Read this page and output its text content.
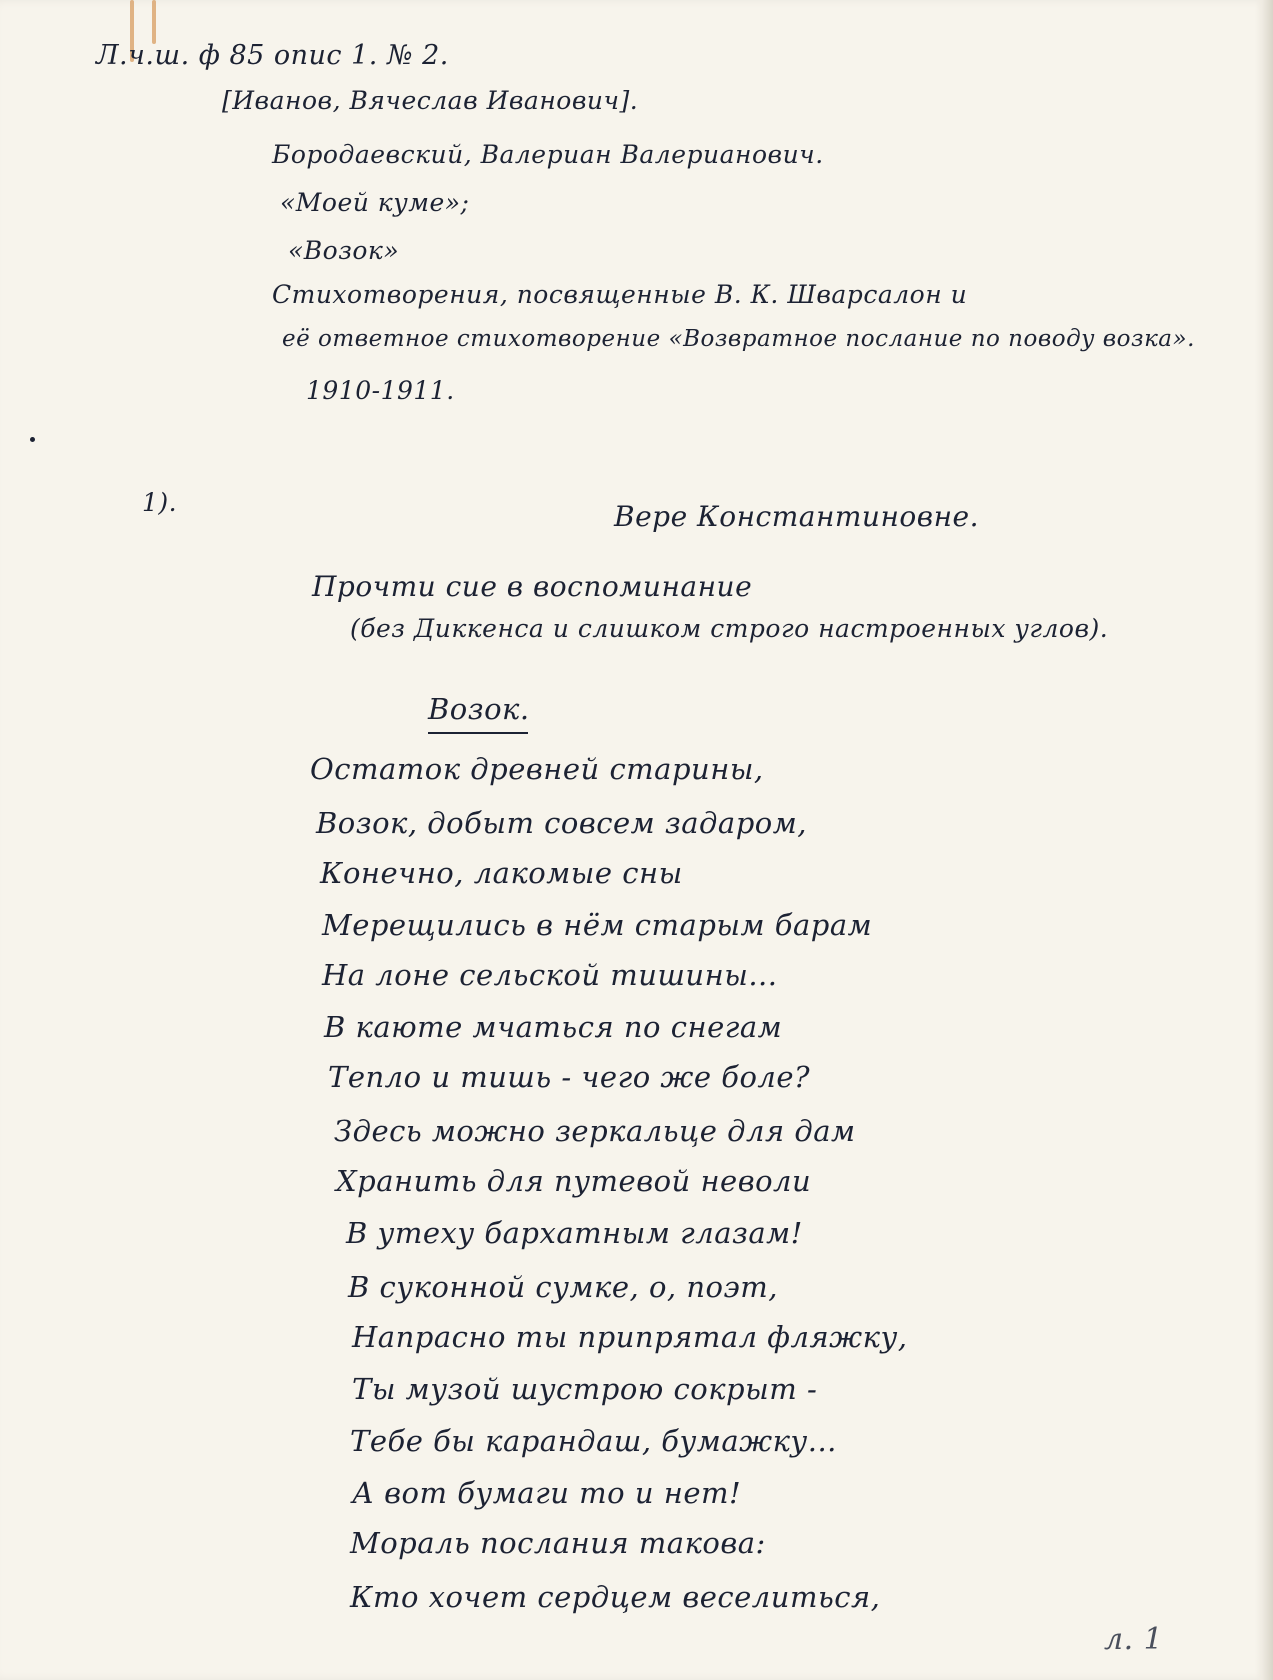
Л.ч.ш. ф 85 опис 1. № 2.
[Иванов, Вячеслав Иванович].
Бородаевский, Валериан Валерианович.
«Моей куме»;
«Возок»
Стихотворения, посвященные В. К. Шварсалон и
её ответное стихотворение «Возвратное послание по поводу возка».
1910-1911.
1).	Вере Константиновне.
Прочти сие в воспоминание
(без Диккенса и слишком строго настроенных углов).
Возок.
Остаток древней старины,
Возок, добыт совсем задаром,
Конечно, лакомые сны
Мерещились в нём старым барам
На лоне сельской тишины...
В каюте мчаться по снегам
Тепло и тишь - чего же боле?
Здесь можно зеркальце для дам
Хранить для путевой неволи
В утеху бархатным глазам!
В суконной сумке, о, поэт,
Напрасно ты припрятал фляжку,
Ты музой шустрою сокрыт -
Тебе бы карандаш, бумажку...
А вот бумаги то и нет!
Мораль послания такова:
Кто хочет сердцем веселиться,
л. 1
